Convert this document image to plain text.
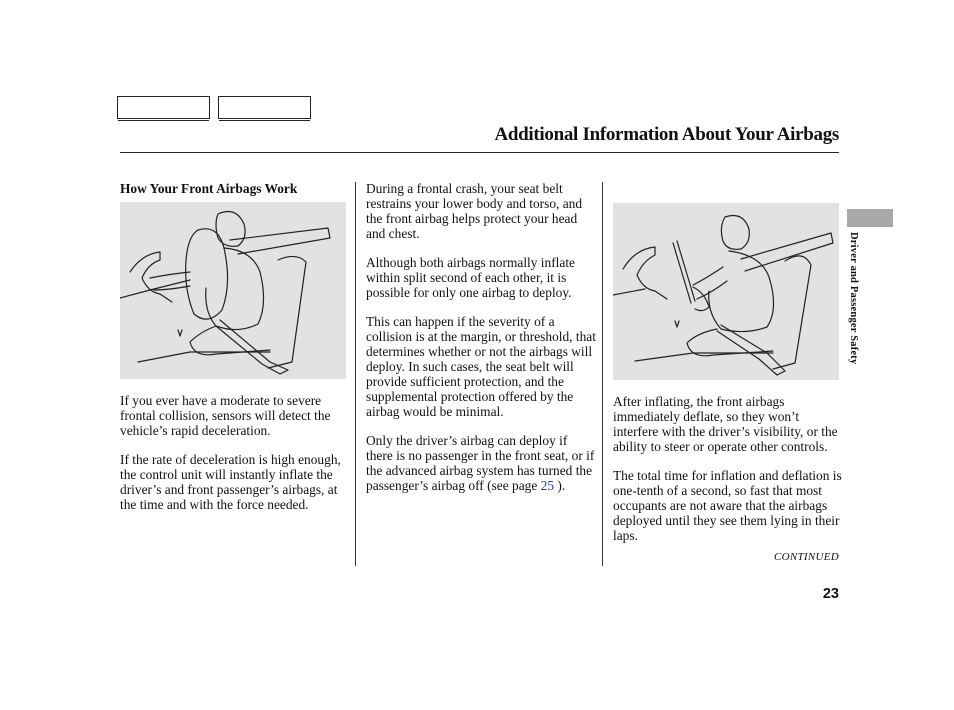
Additional Information About Your Airbags
How Your Front Airbags Work

If you ever have a moderate to severe frontal collision, sensors will detect the vehicle’s rapid deceleration.

If the rate of deceleration is high enough, the control unit will instantly inflate the driver’s and front passenger’s airbags, at the time and with the force needed.

During a frontal crash, your seat belt restrains your lower body and torso, and the front airbag helps protect your head and chest.

Although both airbags normally inflate within split second of each other, it is possible for only one airbag to deploy.

This can happen if the severity of a collision is at the margin, or threshold, that determines whether or not the airbags will deploy. In such cases, the seat belt will provide sufficient protection, and the supplemental protection offered by the airbag would be minimal.

Only the driver’s airbag can deploy if there is no passenger in the front seat, or if the advanced airbag system has turned the passenger’s airbag off (see page 25 ).

After inflating, the front airbags immediately deflate, so they won’t interfere with the driver’s visibility, or the ability to steer or operate other controls.

The total time for inflation and deflation is one-tenth of a second, so fast that most occupants are not aware that the airbags deployed until they see them lying in their laps.

CONTINUED
23
Driver and Passenger Safety
